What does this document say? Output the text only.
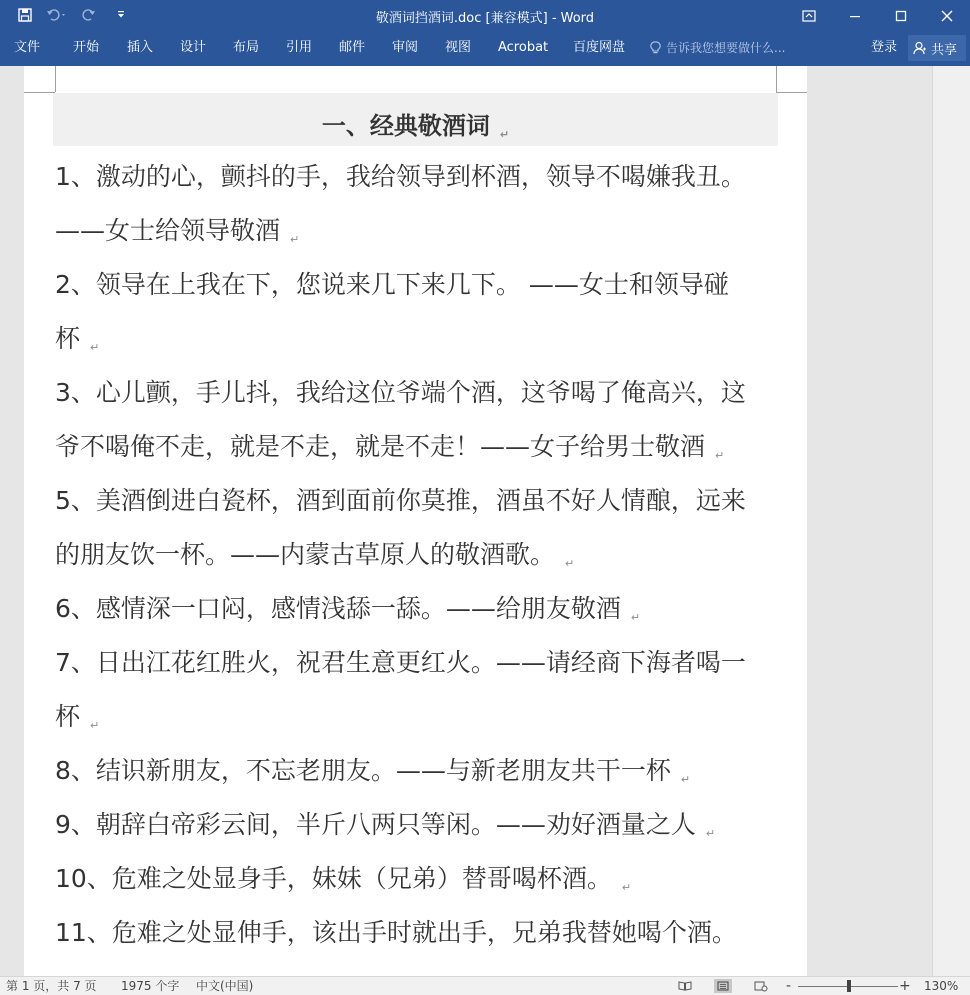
敬酒词挡酒词.doc [兼容模式] - Word
文件	开始 插入 设计 布局 引用 邮件 审阅 视图 Acrobat 百度网盘	告诉我您想要做什么...	登录	共享
一、经典敬酒词 ↵
1、激动的心，颤抖的手，我给领导到杯酒，领导不喝嫌我丑。
——女士给领导敬酒 ↵
2、领导在上我在下，您说来几下来几下。 ——女士和领导碰
杯 ↵
3、心儿颤，手儿抖，我给这位爷端个酒，这爷喝了俺高兴，这
爷不喝俺不走，就是不走，就是不走！——女子给男士敬酒 ↵
5、美酒倒进白瓷杯，酒到面前你莫推，酒虽不好人情酿，远来
的朋友饮一杯。——内蒙古草原人的敬酒歌。 ↵
6、感情深一口闷，感情浅舔一舔。——给朋友敬酒 ↵
7、日出江花红胜火，祝君生意更红火。——请经商下海者喝一
杯 ↵
8、结识新朋友，不忘老朋友。——与新老朋友共干一杯 ↵
9、朝辞白帝彩云间，半斤八两只等闲。——劝好酒量之人 ↵
10、危难之处显身手，妹妹（兄弟）替哥喝杯酒。 ↵
11、危难之处显伸手，该出手时就出手，兄弟我替她喝个酒。
第 1 页，共 7 页 1975 个字 中文(中国)	-	+ 130%
